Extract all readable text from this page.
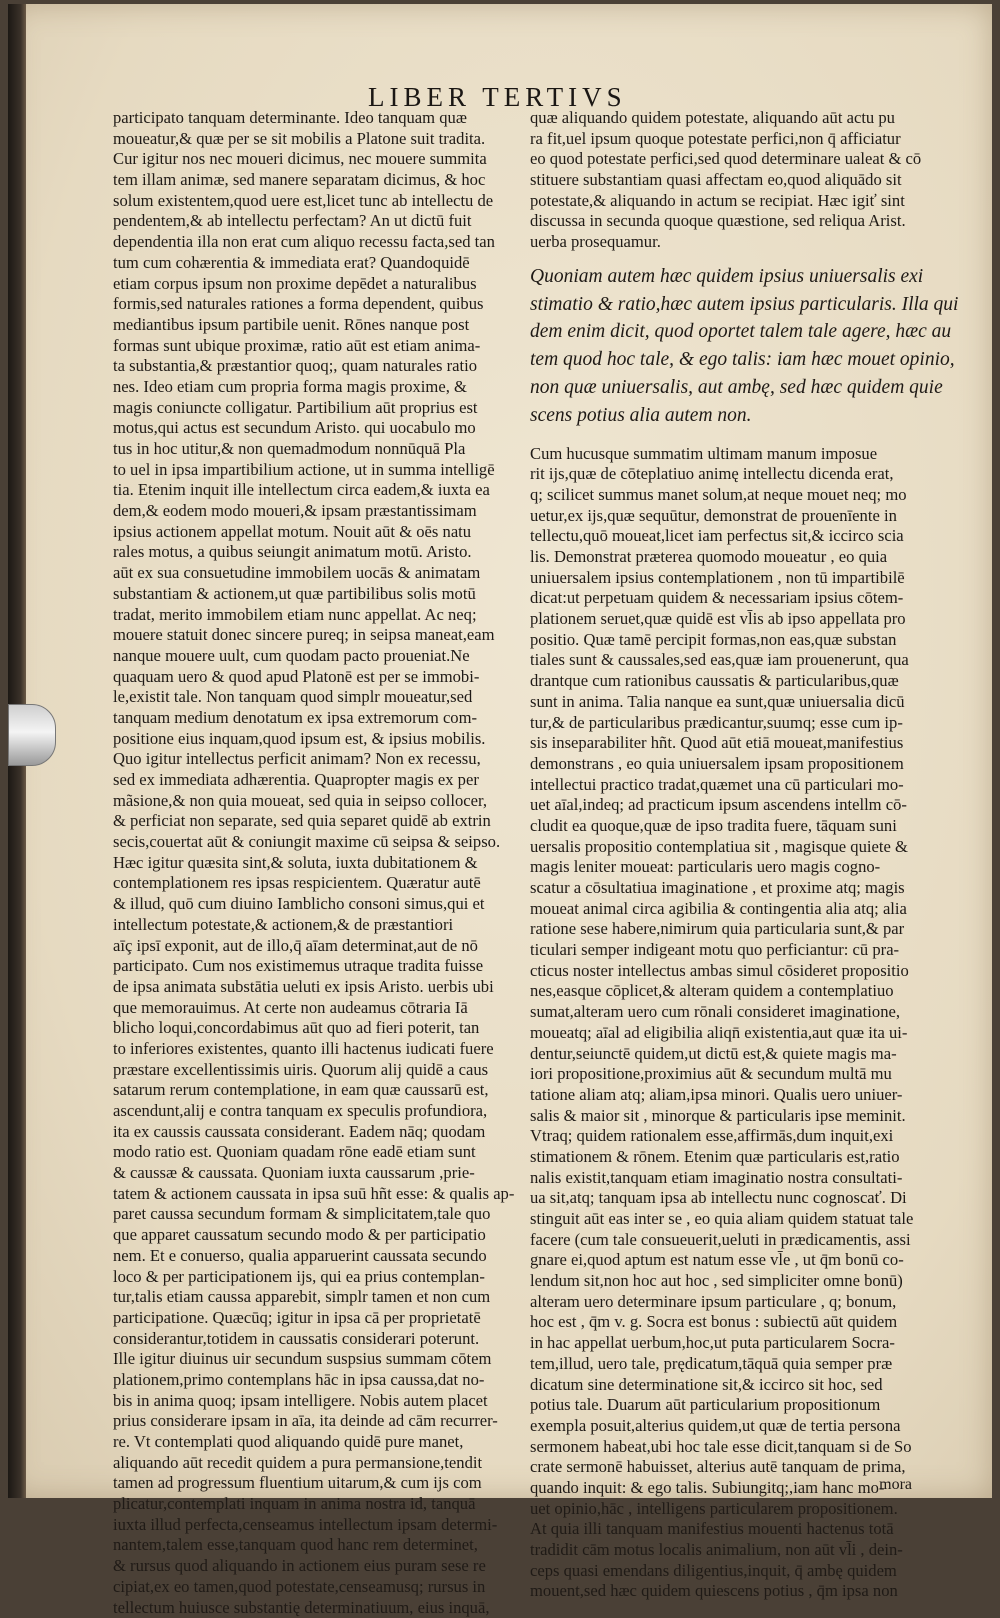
LIBER TERTIVS
participato tanquam determinante. Ideo tanquam quæ
moueatur,& quæ per se sit mobilis a Platone suit tradita.
Cur igitur nos nec moueri dicimus, nec mouere summita
tem illam animæ, sed manere separatam dicimus, & hoc
solum existentem,quod uere est,licet tunc ab intellectu de
pendentem,& ab intellectu perfectam? An ut dictū fuit
dependentia illa non erat cum aliquo recessu facta,sed tan
tum cum cohærentia & immediata erat? Quandoquidē
etiam corpus ipsum non proxime depēdet a naturalibus
formis,sed naturales rationes a forma dependent, quibus
mediantibus ipsum partibile uenit. Rōnes nanque post
formas sunt ubique proximæ, ratio aūt est etiam anima-
ta substantia,& præstantior quoq;, quam naturales ratio
nes. Ideo etiam cum propria forma magis proxime, &
magis coniuncte colligatur. Partibilium aūt proprius est
motus,qui actus est secundum Aristo. qui uocabulo mo
tus in hoc utitur,& non quemadmodum nonnūquā Pla
to uel in ipsa impartibilium actione, ut in summa intelligē
tia. Etenim inquit ille intellectum circa eadem,& iuxta ea
dem,& eodem modo moueri,& ipsam præstantissimam
ipsius actionem appellat motum. Nouit aūt & oēs natu
rales motus, a quibus seiungit animatum motū. Aristo.
aūt ex sua consuetudine immobilem uocās & animatam
substantiam & actionem,ut quæ partibilibus solis motū
tradat, merito immobilem etiam nunc appellat. Ac neq;
mouere statuit donec sincere pureq; in seipsa maneat,eam
nanque mouere uult, cum quodam pacto proueniat.Ne
quaquam uero & quod apud Platonē est per se immobi-
le,existit tale. Non tanquam quod simplr moueatur,sed
tanquam medium denotatum ex ipsa extremorum com-
positione eius inquam,quod ipsum est, & ipsius mobilis.
Quo igitur intellectus perficit animam? Non ex recessu,
sed ex immediata adhærentia. Quapropter magis ex per
mãsione,& non quia moueat, sed quia in seipso collocer,
& perficiat non separate, sed quia separet quidē ab extrin
secis,couertat aūt & coniungit maxime cū seipsa & seipso.
Hæc igitur quæsita sint,& soluta, iuxta dubitationem &
contemplationem res ipsas respicientem. Quæratur autē
& illud, quō cum diuino Iamblicho consoni simus,qui et
intellectum potestate,& actionem,& de præstantiori
aīç ipsī exponit, aut de illo,q̄ aīam determinat,aut de nō
participato. Cum nos existimemus utraque tradita fuisse
de ipsa animata substātia ueluti ex ipsis Aristo. uerbis ubi
que memorauimus. At certe non audeamus cōtraria Iā
blicho loqui,concordabimus aūt quo ad fieri poterit, tan
to inferiores existentes, quanto illi hactenus iudicati fuere
præstare excellentissimis uiris. Quorum alij quidē a caus
satarum rerum contemplatione, in eam quæ caussarū est,
ascendunt,alij e contra tanquam ex speculis profundiora,
ita ex caussis caussata considerant. Eadem nāq; quodam
modo ratio est. Quoniam quadam rōne eadē etiam sunt
& caussæ & caussata. Quoniam iuxta caussarum ,prie-
tatem & actionem caussata in ipsa suū hñt esse: & qualis ap-
paret caussa secundum formam & simplicitatem,tale quo
que apparet caussatum secundo modo & per participatio
nem. Et e conuerso, qualia apparuerint caussata secundo
loco & per participationem ijs, qui ea prius contemplan-
tur,talis etiam caussa apparebit, simplr tamen et non cum
participatione. Quæcūq; igitur in ipsa cā per proprietatē
considerantur,totidem in caussatis considerari poterunt.
Ille igitur diuinus uir secundum suspsius summam cōtem
plationem,primo contemplans hāc in ipsa caussa,dat no-
bis in anima quoq; ipsam intelligere. Nobis autem placet
prius considerare ipsam in aīa, ita deinde ad cām recurrer-
re. Vt contemplati quod aliquando quidē pure manet,
aliquando aūt recedit quidem a pura permansione,tendit
tamen ad progressum fluentium uitarum,& cum ijs com
plicatur,contemplati inquam in anima nostra id, tanquā
iuxta illud perfecta,censeamus intellectum ipsam determi-
nantem,talem esse,tanquam quod hanc rem determinet,
& rursus quod aliquando in actionem eius puram sese re
cipiat,ex eo tamen,quod potestate,censeamusq; rursus in
tellectum huiusce substantię determinatiuum, eius inquā,
quæ aliquando quidem potestate, aliquando aūt actu pu
ra fit,uel ipsum quoque potestate perfici,non q̄ afficiatur
eo quod potestate perfici,sed quod determinare ualeat & cō
stituere substantiam quasi affectam eo,quod aliquādo sit
potestate,& aliquando in actum se recipiat. Hæc igiť sint
discussa in secunda quoque quæstione, sed reliqua Arist.
uerba prosequamur.
Quoniam autem hæc quidem ipsius uniuersalis exi
stimatio & ratio,hæc autem ipsius particularis. Illa qui
dem enim dicit, quod oportet talem tale agere, hæc au
tem quod hoc tale, & ego talis: iam hæc mouet opinio,
non quæ uniuersalis, aut ambę, sed hæc quidem quie
scens potius alia autem non.
Cum hucusque summatim ultimam manum imposue
rit ijs,quæ de cōteplatiuo animę intellectu dicenda erat,
q; scilicet summus manet solum,at neque mouet neq; mo
uetur,ex ijs,quæ sequūtur, demonstrat de prouenīente in
tellectu,quō moueat,licet iam perfectus sit,& iccirco scia
lis. Demonstrat præterea quomodo moueatur , eo quia
uniuersalem ipsius contemplationem , non tū impartibilē
dicat:ut perpetuam quidem & necessariam ipsius cōtem-
plationem seruet,quæ quidē est vl̄is ab ipso appellata pro
positio. Quæ tamē percipit formas,non eas,quæ substan
tiales sunt & caussales,sed eas,quæ iam prouenerunt, qua
drantque cum rationibus caussatis & particularibus,quæ
sunt in anima. Talia nanque ea sunt,quæ uniuersalia dicū
tur,& de particularibus prædicantur,suumq; esse cum ip-
sis inseparabiliter hñt. Quod aūt etiā moueat,manifestius
demonstrans , eo quia uniuersalem ipsam propositionem
intellectui practico tradat,quæmet una cū particulari mo-
uet aīal,indeq; ad practicum ipsum ascendens intellm cō-
cludit ea quoque,quæ de ipso tradita fuere, tāquam suni
uersalis propositio contemplatiua sit , magisque quiete &
magis leniter moueat: particularis uero magis cogno-
scatur a cōsultatiua imaginatione , et proxime atq; magis
moueat animal circa agibilia & contingentia alia atq; alia
ratione sese habere,nimirum quia particularia sunt,& par
ticulari semper indigeant motu quo perficiantur: cū pra-
cticus noster intellectus ambas simul cōsideret propositio
nes,easque cōplicet,& alteram quidem a contemplatiuo
sumat,alteram uero cum rōnali consideret imaginatione,
moueatq; aīal ad eligibilia aliqn̄ existentia,aut quæ ita ui-
dentur,seiunctē quidem,ut dictū est,& quiete magis ma-
iori propositione,proximius aūt & secundum multā mu
tatione aliam atq; aliam,ipsa minori. Qualis uero uniuer-
salis & maior sit , minorque & particularis ipse meminit.
Vtraq; quidem rationalem esse,affirmās,dum inquit,exi
stimationem & rōnem. Etenim quæ particularis est,ratio
nalis existit,tanquam etiam imaginatio nostra consultati-
ua sit,atq; tanquam ipsa ab intellectu nunc cognoscať. Di
stinguit aūt eas inter se , eo quia aliam quidem statuat tale
facere (cum tale consueuerit,ueluti in prædicamentis, assi
gnare ei,quod aptum est natum esse vl̄e , ut q̄m bonū co-
lendum sit,non hoc aut hoc , sed simpliciter omne bonū)
alteram uero determinare ipsum particulare , q; bonum,
hoc est , q̄m v. g. Socra est bonus : subiectū aūt quidem
in hac appellat uerbum,hoc,ut puta particularem Socra-
tem,illud, uero tale, prędicatum,tāquā quia semper præ
dicatum sine determinatione sit,& iccirco sit hoc, sed
potius tale. Duarum aūt particularium propositionum
exempla posuit,alterius quidem,ut quæ de tertia persona
sermonem habeat,ubi hoc tale esse dicit,tanquam si de So
crate sermonē habuisset, alterius autē tanquam de prima,
quando inquit: & ego talis. Subiungitq;,iam hanc mo-
uet opinio,hāc , intelligens particularem propositionem.
At quia illi tanquam manifestius mouenti hactenus totā
tradidit cām motus localis animalium, non aūt vl̄i , dein-
ceps quasi emendans diligentius,inquit, q̄ ambę quidem
mouent,sed hæc quidem quiescens potius , q̄m ipsa non
mora
